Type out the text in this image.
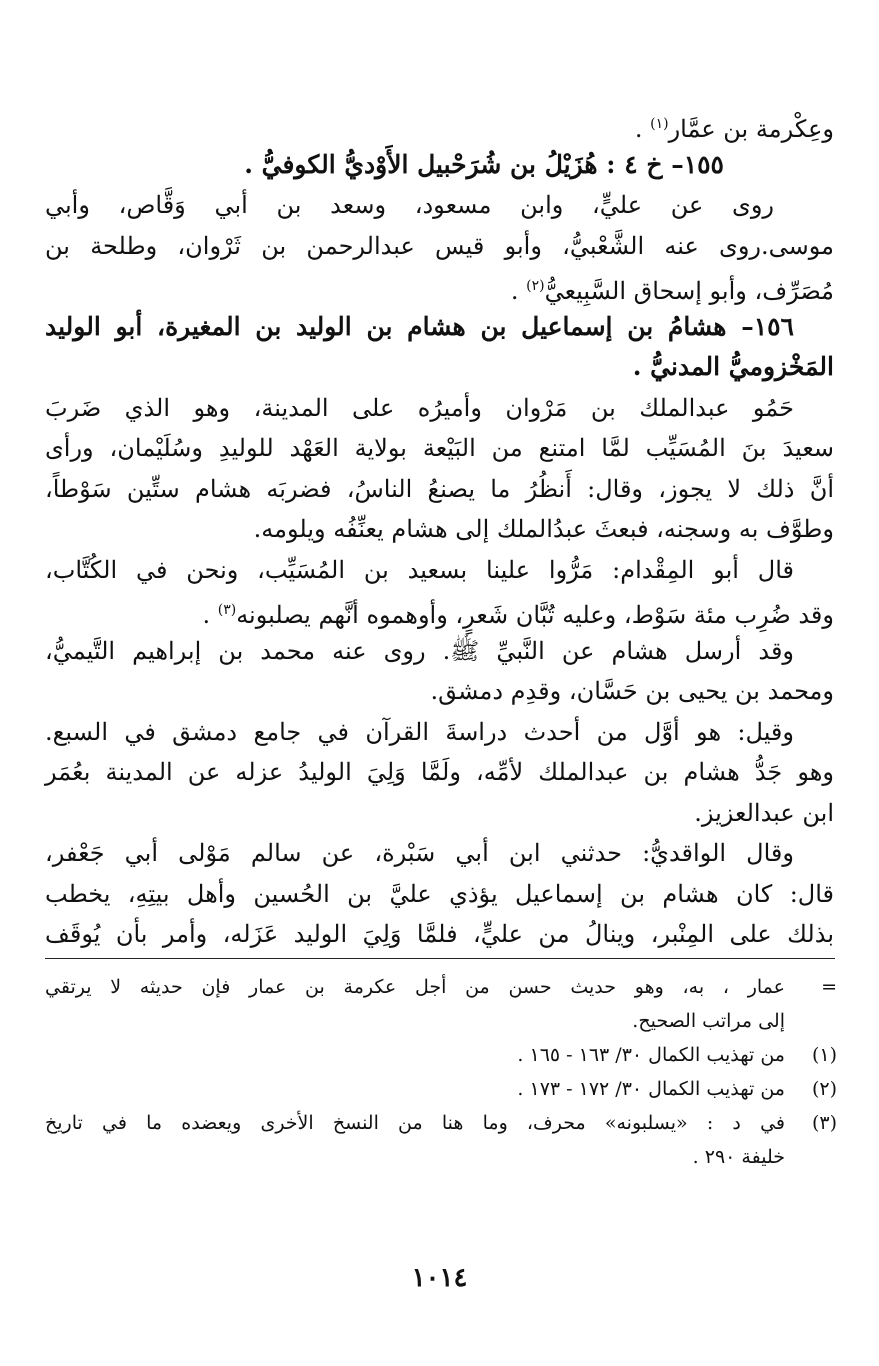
وعِكْرمة بن عمَّار$^{(١)}$ .
١٥٥– خ ٤ : هُزَيْلُ بن شُرَحْبيل الأَوْديُّ الكوفيُّ .
روى عن عليٍّ، وابن مسعود، وسعد بن أبي وَقَّاص، وأبي
موسى.روى عنه الشَّعْبيُّ، وأبو قيس عبدالرحمن بن ثَرْوان، وطلحة بن
مُصَرِّف، وأبو إسحاق السَّبِيعيُّ$^{(٢)}$ .
١٥٦– هشامُ بن إسماعيل بن هشام بن الوليد بن المغيرة، أبو الوليد
المَخْزوميُّ المدنيُّ .
حَمُو عبدالملك بن مَرْوان وأميرُه على المدينة، وهو الذي ضَربَ
سعيدَ بنَ المُسَيِّب لمَّا امتنع من البَيْعة بولاية العَهْد للوليدِ وسُلَيْمان، ورأى
أنَّ ذلك لا يجوز، وقال: أَنظُرُ ما يصنعُ الناسُ، فضربَه هشام ستِّين سَوْطاً،
وطوَّف به وسجنه، فبعثَ عبدُالملك إلى هشام يعنِّفُه ويلومه.
قال أبو المِقْدام: مَرُّوا علينا بسعيد بن المُسَيِّب، ونحن في الكُتَّاب،
وقد ضُرِب مئة سَوْط، وعليه تُبَّان شَعرٍ، وأوهموه أنَّهم يصلبونه$^{(٣)}$ .
وقد أرسل هشام عن النَّبيِّ ﷺ. روى عنه محمد بن إبراهيم التَّيميُّ،
ومحمد بن يحيى بن حَسَّان، وقدِم دمشق.
وقيل: هو أوَّل من أحدث دراسةَ القرآن في جامع دمشق في السبع.
وهو جَدُّ هشام بن عبدالملك لأمِّه، ولَمَّا وَلِيَ الوليدُ عزله عن المدينة بعُمَر
ابن عبدالعزيز.
وقال الواقديُّ: حدثني ابن أبي سَبْرة، عن سالم مَوْلى أبي جَعْفر،
قال: كان هشام بن إسماعيل يؤذي عليَّ بن الحُسين وأهل بيتِهِ، يخطب
بذلك على المِنْبر، وينالُ من عليٍّ، فلمَّا وَلِيَ الوليد عَزَله، وأمر بأن يُوقَف
=
عمار ، به، وهو حديث حسن من أجل عكرمة بن عمار فإن حديثه لا يرتقي
إلى مراتب الصحيح.
(١)
من تهذيب الكمال ٣٠/ ١٦٣ - ١٦٥ .
(٢)
من تهذيب الكمال ٣٠/ ١٧٢ - ١٧٣ .
(٣)
في د : «يسلبونه» محرف، وما هنا من النسخ الأخرى ويعضده ما في تاريخ
خليفة ٢٩٠ .
١٠١٤
